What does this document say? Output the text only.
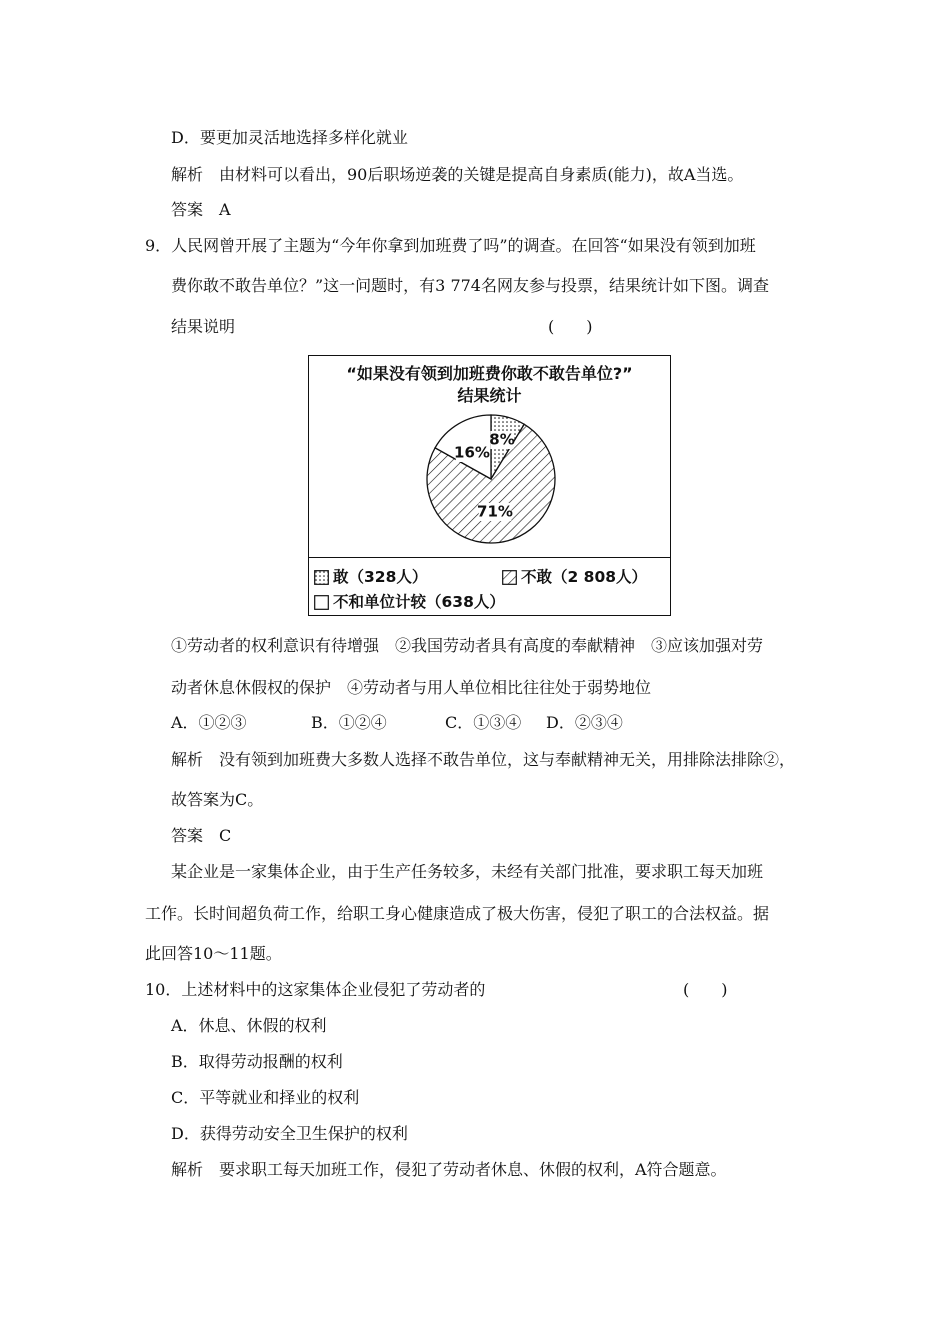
D．要更加灵活地选择多样化就业
解析　由材料可以看出，90后职场逆袭的关键是提高自身素质(能力)，故A当选。
答案　A
9．人民网曾开展了主题为“今年你拿到加班费了吗”的调查。在回答“如果没有领到加班
费你敢不敢告单位？”这一问题时，有3 774名网友参与投票，结果统计如下图。调查
结果说明	(　　)
“如果没有领到加班费你敢不敢告单位?”
结果统计
8%
71%
16%
敢（328人）	不敢（2 808人）
不和单位计较（638人）
①劳动者的权利意识有待增强　②我国劳动者具有高度的奉献精神　③应该加强对劳
动者休息休假权的保护　④劳动者与用人单位相比往往处于弱势地位
A．①②③	B．①②④	C．①③④ D．②③④
解析　没有领到加班费大多数人选择不敢告单位，这与奉献精神无关，用排除法排除②，
故答案为C。
答案　C
某企业是一家集体企业，由于生产任务较多，未经有关部门批准，要求职工每天加班
工作。长时间超负荷工作，给职工身心健康造成了极大伤害，侵犯了职工的合法权益。据
此回答10～11题。
10．上述材料中的这家集体企业侵犯了劳动者的	(　　)
A．休息、休假的权利
B．取得劳动报酬的权利
C．平等就业和择业的权利
D．获得劳动安全卫生保护的权利
解析　要求职工每天加班工作，侵犯了劳动者休息、休假的权利，A符合题意。
